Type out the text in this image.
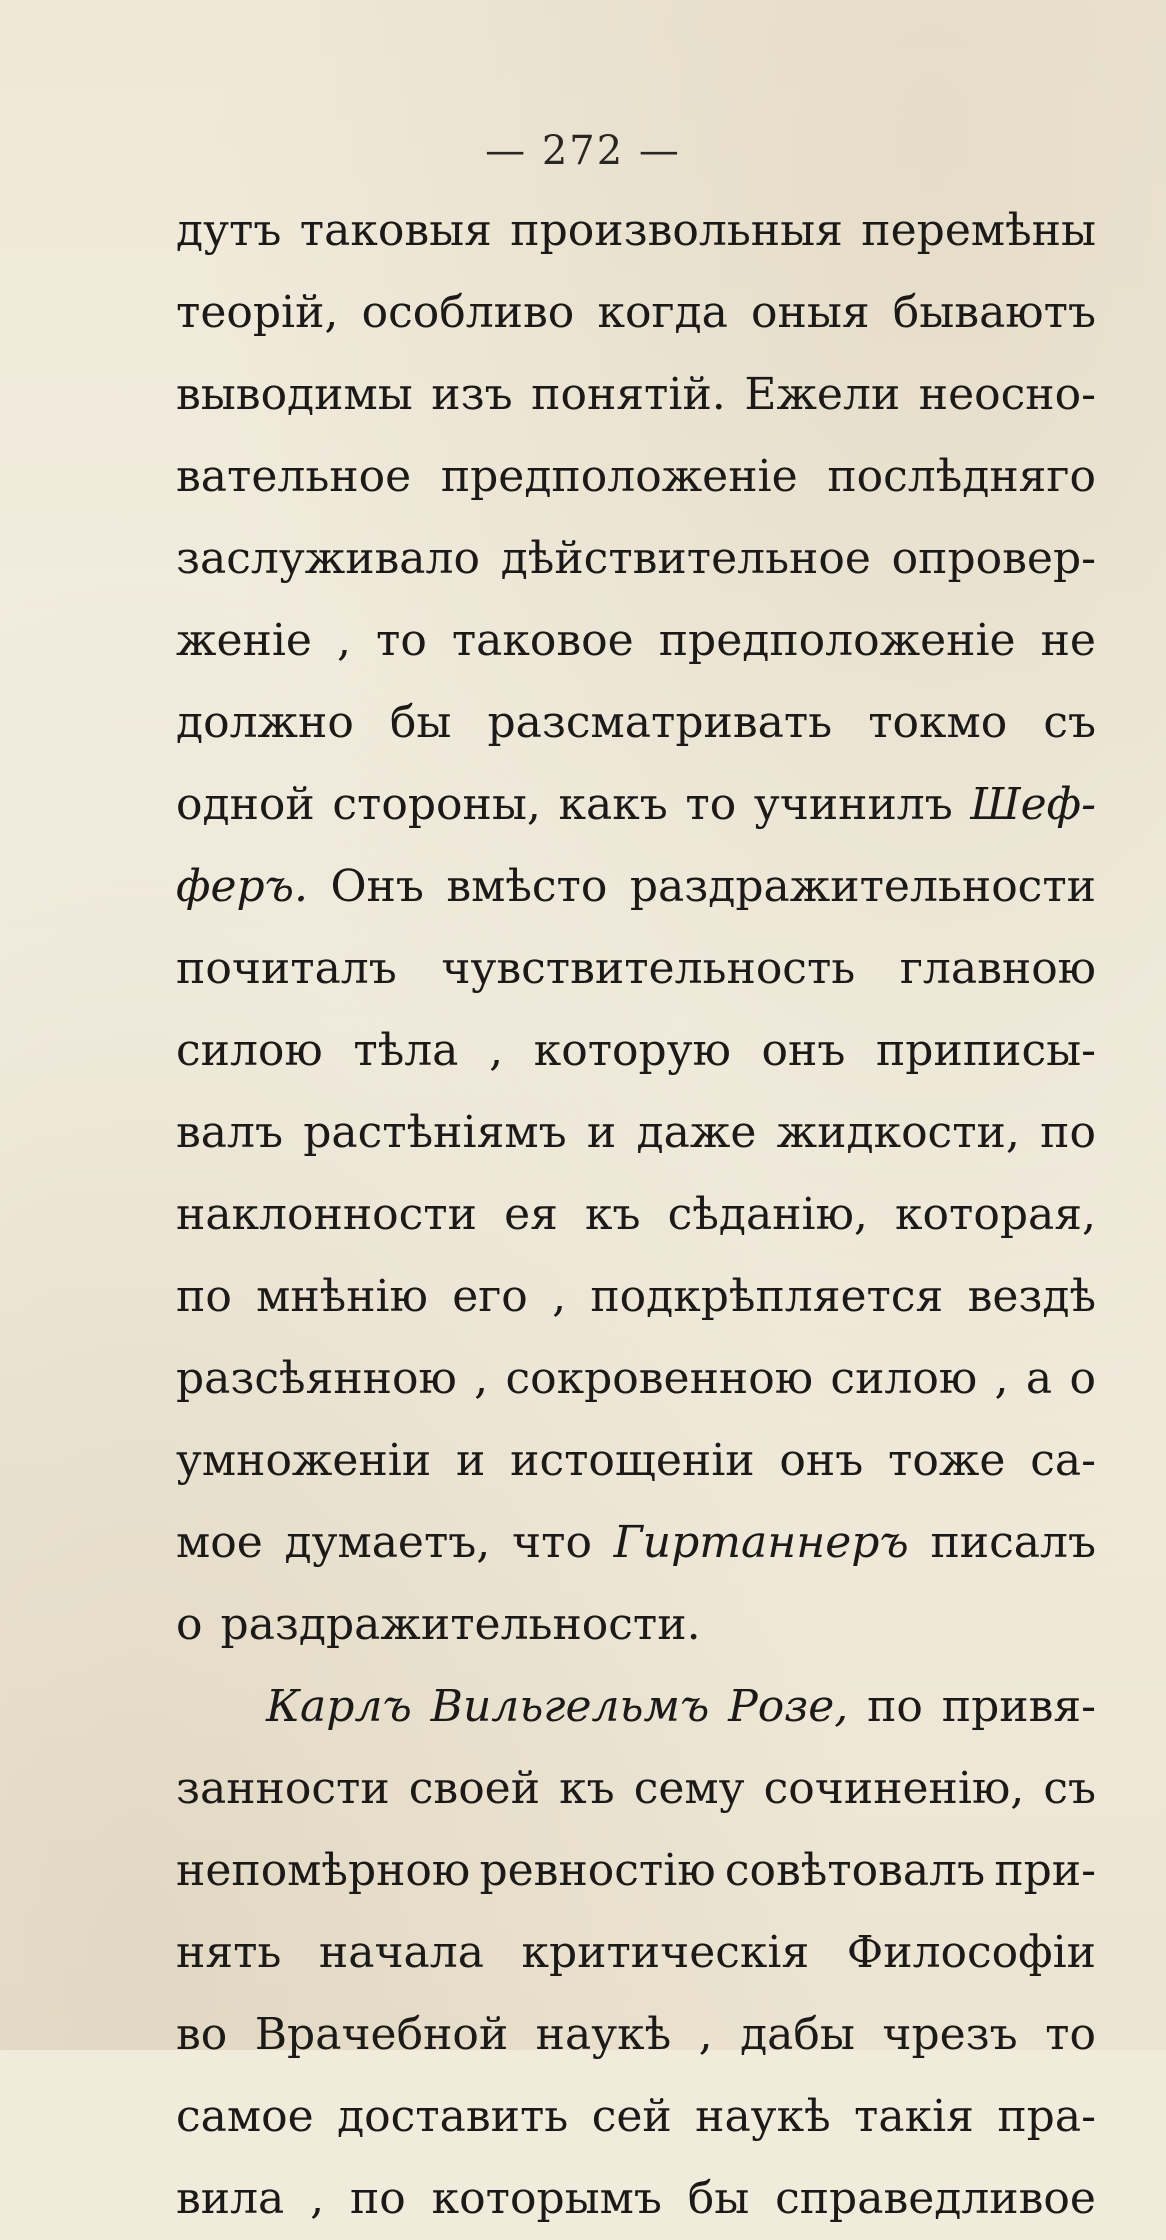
— 272 —
дутъ таковыя произвольныя перемѣны
теорій, особливо когда оныя бываютъ
выводимы изъ понятій. Ежели неосно-
вательное предположеніе послѣдняго
заслуживало дѣйствительное опровер-
женіе , то таковое предположеніе не
должно бы разсматривать токмо съ
одной стороны, какъ то учинилъ Шеф-
феръ. Онъ вмѣсто раздражительности
почиталъ чувствительность главною
силою тѣла , которую онъ приписы-
валъ растѣніямъ и даже жидкости, по
наклонности ея къ сѣданію, которая,
по мнѣнію его , подкрѣпляется вездѣ
разсѣянною , сокровенною силою , а о
умноженіи и истощеніи онъ тоже са-
мое думаетъ, что Гиртаннеръ писалъ
о раздражительности.
Карлъ Вильгельмъ Розе, по привя-
занности своей къ сему сочиненію, съ
непомѣрною ревностію совѣтовалъ при-
нять начала критическія Философіи
во Врачебной наукѣ , дабы чрезъ то
самое доставить сей наукѣ такія пра-
вила , по которымъ бы справедливое
